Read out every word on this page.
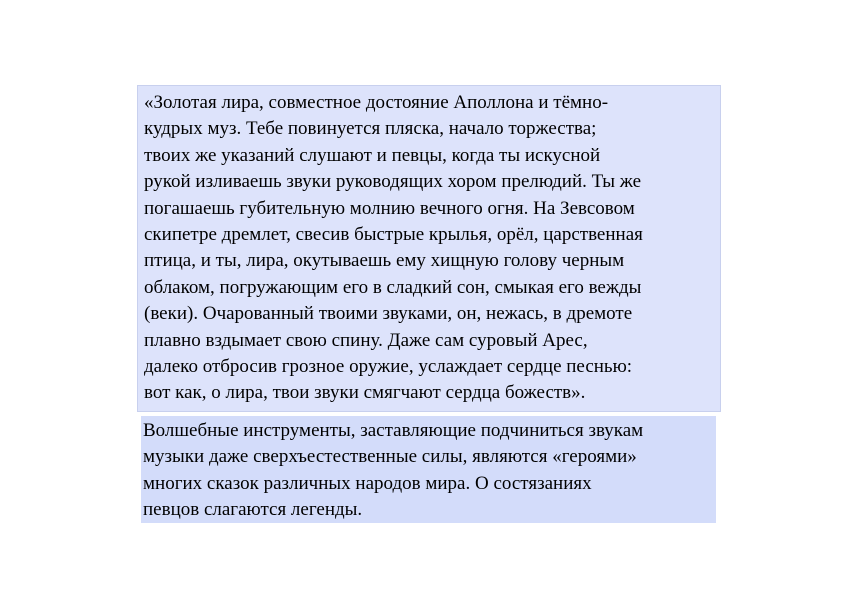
«Золотая лира, совместное достояние Аполлона и тёмно-
кудрых муз. Тебе повинуется пляска, начало торжества;
твоих же указаний слушают и певцы, когда ты искусной
рукой изливаешь звуки руководящих хором прелюдий. Ты же
погашаешь губительную молнию вечного огня. На Зевсовом
скипетре дремлет, свесив быстрые крылья, орёл, царственная
птица, и ты, лира, окутываешь ему хищную голову черным
облаком, погружающим его в сладкий сон, смыкая его вежды
(веки). Очарованный твоими звуками, он, нежась, в дремоте
плавно вздымает свою спину. Даже сам суровый Арес,
далеко отбросив грозное оружие, услаждает сердце песнью:
вот как, о лира, твои звуки смягчают сердца божеств».
Волшебные инструменты, заставляющие подчиниться звукам
музыки даже сверхъестественные силы, являются «героями»
многих сказок различных народов мира. О состязаниях
певцов слагаются легенды.
